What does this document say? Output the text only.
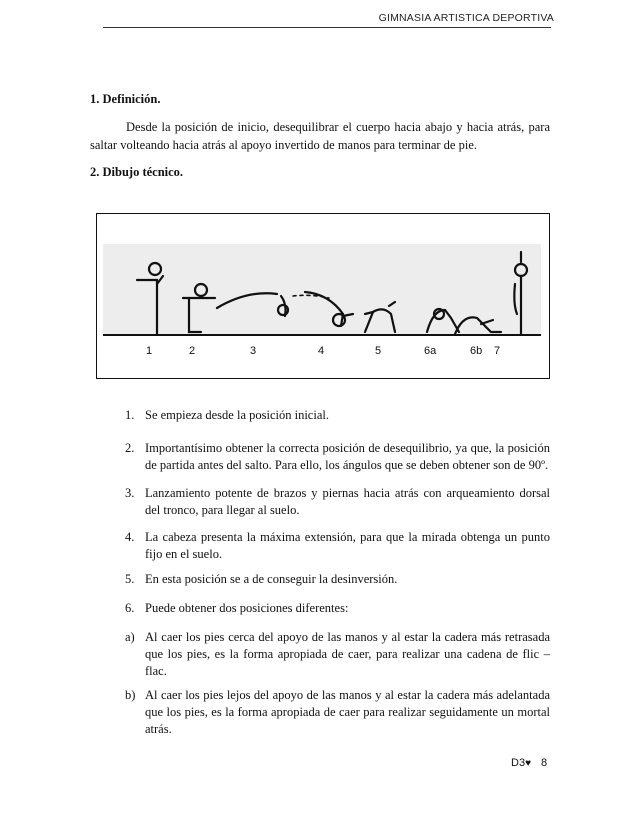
GIMNASIA ARTISTICA DEPORTIVA
1. Definición.
Desde la posición de inicio, desequilibrar el cuerpo hacia abajo y hacia atrás, para saltar volteando hacia atrás al apoyo invertido de manos para terminar de pie.
2. Dibujo técnico.
1	2	3	4	5	6a	6b 7
1. Se empieza desde la posición inicial.
2. Importantísimo obtener la correcta posición de desequilibrio, ya que, la posición de partida antes del salto. Para ello, los ángulos que se deben obtener son de 90º.
3. Lanzamiento potente de brazos y piernas hacia atrás con arqueamiento dorsal del tronco, para llegar al suelo.
4. La cabeza presenta la máxima extensión, para que la mirada obtenga un punto fijo en el suelo.
5. En esta posición se a de conseguir la desinversión.
6. Puede obtener dos posiciones diferentes:
a) Al caer los pies cerca del apoyo de las manos y al estar la cadera más retrasada que los pies, es la forma apropiada de caer, para realizar una cadena de flic – flac.
b) Al caer los pies lejos del apoyo de las manos y al estar la cadera más adelantada que los pies, es la forma apropiada de caer para realizar seguidamente un mortal atrás.
D3♥ 8
